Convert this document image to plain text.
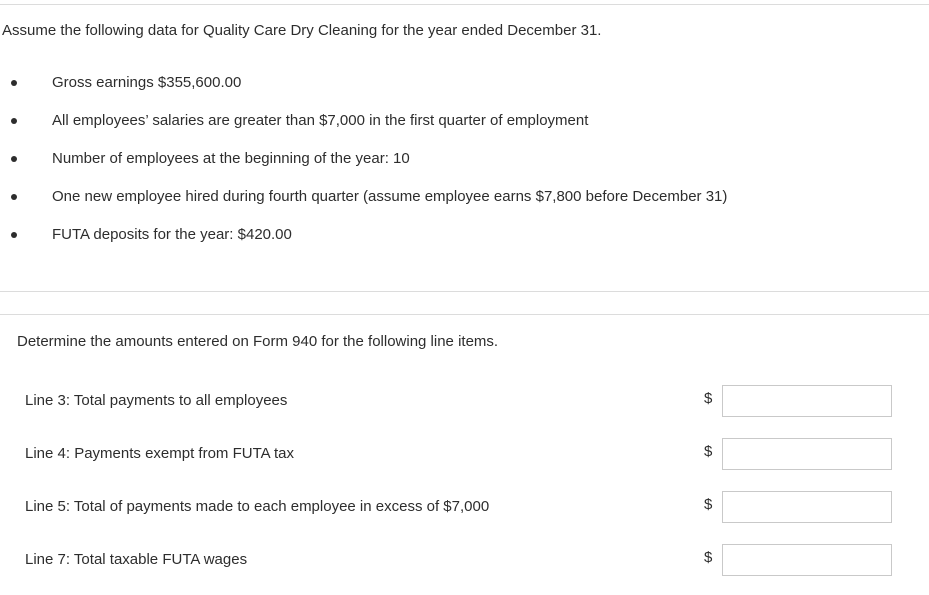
Assume the following data for Quality Care Dry Cleaning for the year ended December 31.
Gross earnings $355,600.00
All employees’ salaries are greater than $7,000 in the first quarter of employment
Number of employees at the beginning of the year: 10
One new employee hired during fourth quarter (assume employee earns $7,800 before December 31)
FUTA deposits for the year: $420.00
Determine the amounts entered on Form 940 for the following line items.
Line 3: Total payments to all employees	$
Line 4: Payments exempt from FUTA tax	$
Line 5: Total of payments made to each employee in excess of $7,000	$
Line 7: Total taxable FUTA wages	$
